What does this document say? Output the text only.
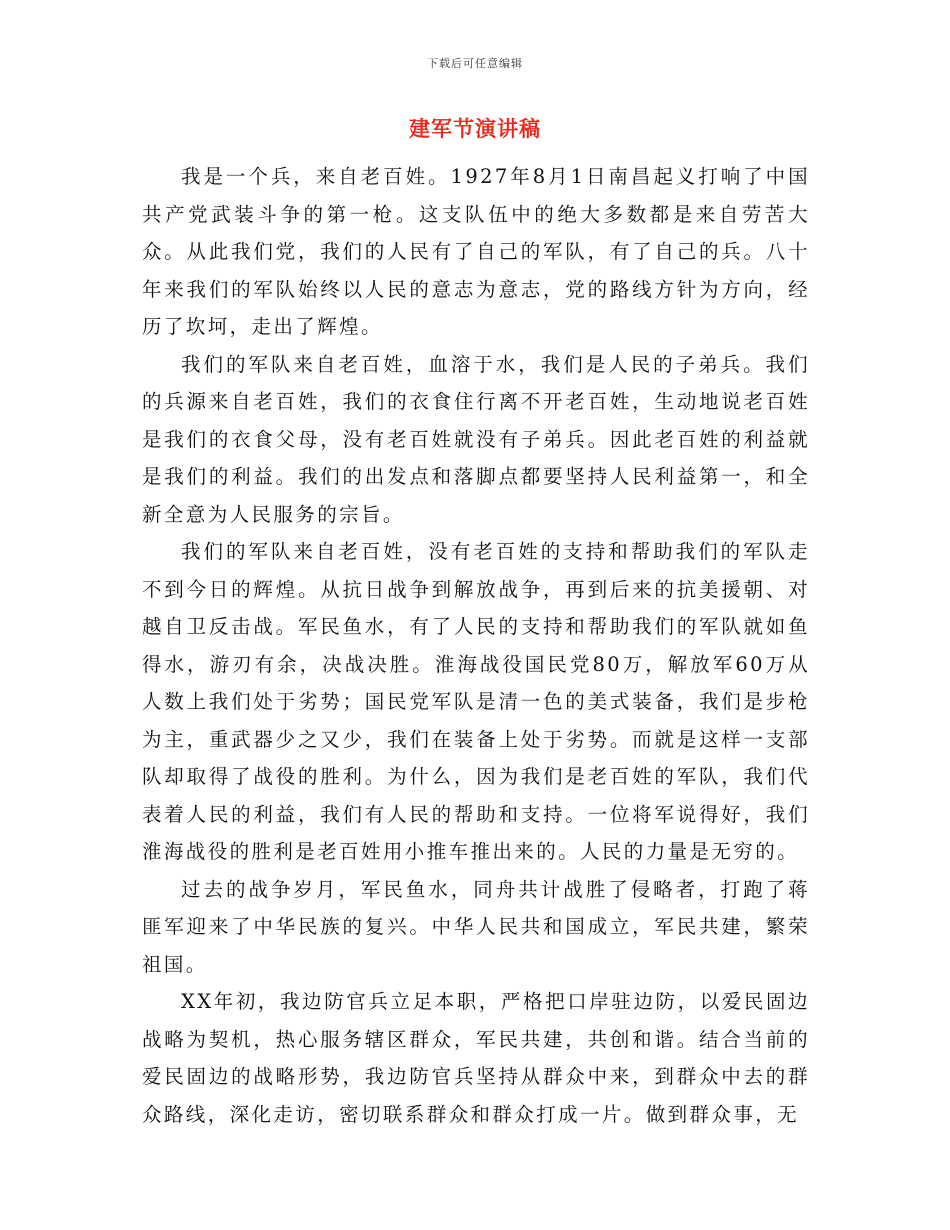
下载后可任意编辑
建军节演讲稿

我是一个兵，来自老百姓。1927年8月1日南昌起义打响了中国共产党武装斗争的第一枪。这支队伍中的绝大多数都是来自劳苦大众。从此我们党，我们的人民有了自己的军队，有了自己的兵。八十年来我们的军队始终以人民的意志为意志，党的路线方针为方向，经历了坎坷，走出了辉煌。

我们的军队来自老百姓，血溶于水，我们是人民的子弟兵。我们的兵源来自老百姓，我们的衣食住行离不开老百姓，生动地说老百姓是我们的衣食父母，没有老百姓就没有子弟兵。因此老百姓的利益就是我们的利益。我们的出发点和落脚点都要坚持人民利益第一，和全新全意为人民服务的宗旨。

我们的军队来自老百姓，没有老百姓的支持和帮助我们的军队走不到今日的辉煌。从抗日战争到解放战争，再到后来的抗美援朝、对越自卫反击战。军民鱼水，有了人民的支持和帮助我们的军队就如鱼得水，游刃有余，决战决胜。淮海战役国民党80万，解放军60万从人数上我们处于劣势；国民党军队是清一色的美式装备，我们是步枪为主，重武器少之又少，我们在装备上处于劣势。而就是这样一支部队却取得了战役的胜利。为什么，因为我们是老百姓的军队，我们代表着人民的利益，我们有人民的帮助和支持。一位将军说得好，我们淮海战役的胜利是老百姓用小推车推出来的。人民的力量是无穷的。

过去的战争岁月，军民鱼水，同舟共计战胜了侵略者，打跑了蒋匪军迎来了中华民族的复兴。中华人民共和国成立，军民共建，繁荣祖国。

XX年初，我边防官兵立足本职，严格把口岸驻边防，以爱民固边战略为契机，热心服务辖区群众，军民共建，共创和谐。结合当前的爱民固边的战略形势，我边防官兵坚持从群众中来，到群众中去的群众路线，深化走访，密切联系群众和群众打成一片。做到群众事，无
